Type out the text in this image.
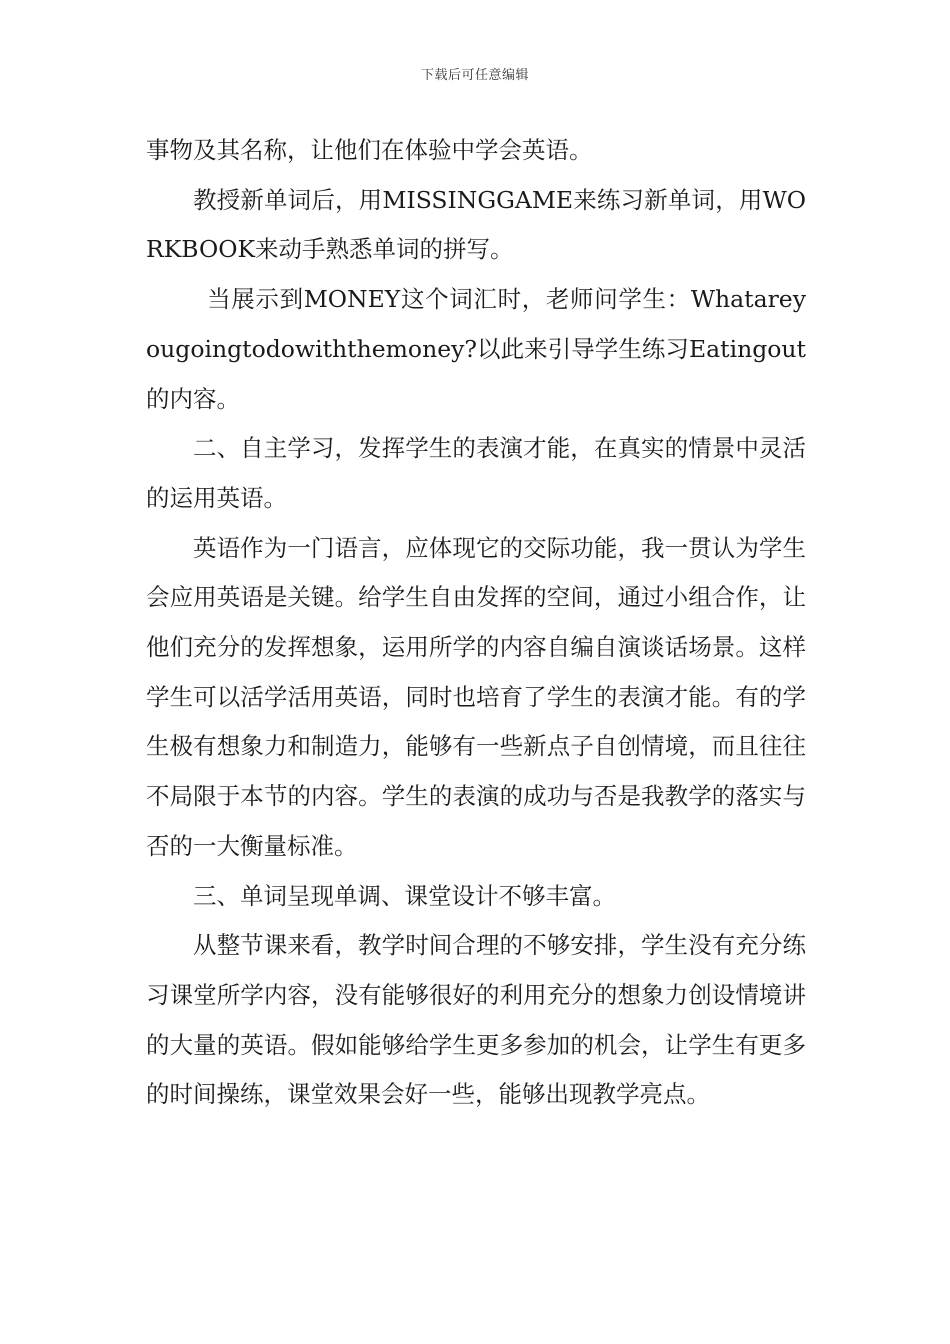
下载后可任意编辑

事物及其名称，让他们在体验中学会英语。

教授新单词后，用MISSINGGAME来练习新单词，用WORKBOOK来动手熟悉单词的拼写。

当展示到MONEY这个词汇时，老师问学生：Whatareyougoingtodowiththemoney?以此来引导学生练习Eatingout的内容。

二、自主学习，发挥学生的表演才能，在真实的情景中灵活的运用英语。

英语作为一门语言，应体现它的交际功能，我一贯认为学生会应用英语是关键。给学生自由发挥的空间，通过小组合作，让他们充分的发挥想象，运用所学的内容自编自演谈话场景。这样学生可以活学活用英语，同时也培育了学生的表演才能。有的学生极有想象力和制造力，能够有一些新点子自创情境，而且往往不局限于本节的内容。学生的表演的成功与否是我教学的落实与否的一大衡量标准。

三、单词呈现单调、课堂设计不够丰富。

从整节课来看，教学时间合理的不够安排，学生没有充分练习课堂所学内容，没有能够很好的利用充分的想象力创设情境讲的大量的英语。假如能够给学生更多参加的机会，让学生有更多的时间操练，课堂效果会好一些，能够出现教学亮点。
